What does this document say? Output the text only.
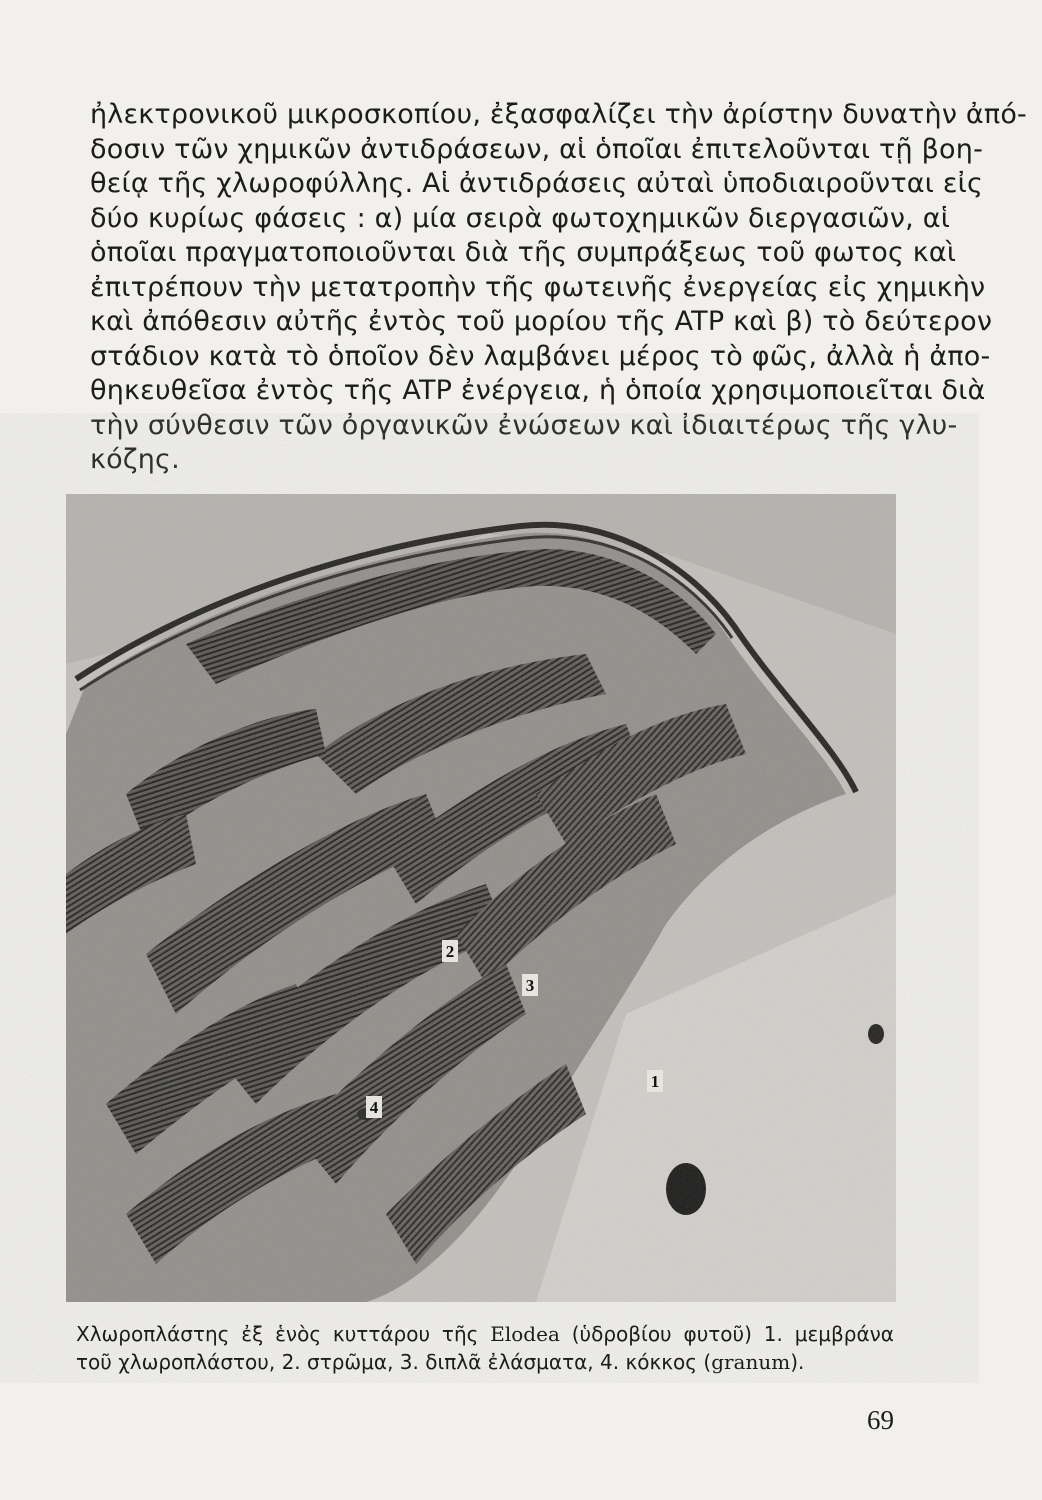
ἠλεκτρονικοῦ μικροσκοπίου, ἐξασφαλίζει τὴν ἀρίστην δυνατὴν ἀπό-
δοσιν τῶν χημικῶν ἀντιδράσεων, αἱ ὁποῖαι ἐπιτελοῦνται τῇ βοη-
θείᾳ τῆς χλωροφύλλης. Αἱ ἀντιδράσεις αὐταὶ ὑποδιαιροῦνται εἰς
δύο κυρίως φάσεις : α) μία σειρὰ φωτοχημικῶν διεργασιῶν, αἱ
ὁποῖαι πραγματοποιοῦνται διὰ τῆς συμπράξεως τοῦ φωτος καὶ
ἐπιτρέπουν τὴν μετατροπὴν τῆς φωτεινῆς ἐνεργείας εἰς χημικὴν
καὶ ἀπόθεσιν αὐτῆς ἐντὸς τοῦ μορίου τῆς ATP καὶ β) τὸ δεύτερον
στάδιον κατὰ τὸ ὁποῖον δὲν λαμβάνει μέρος τὸ φῶς, ἀλλὰ ἡ ἀπο-
θηκευθεῖσα ἐντὸς τῆς ATP ἐνέργεια, ἡ ὁποία χρησιμοποιεῖται διὰ
τὴν σύνθεσιν τῶν ὀργανικῶν ἐνώσεων καὶ ἰδιαιτέρως τῆς γλυ-
κόζης.
2
3
1
4
Χλωροπλάστης ἐξ ἑνὸς κυττάρου τῆς Elodea (ὑδροβίου φυτοῦ) 1. μεμβράνα
τοῦ χλωροπλάστου, 2. στρῶμα, 3. διπλᾶ ἐλάσματα, 4. κόκκος (granum).
69
